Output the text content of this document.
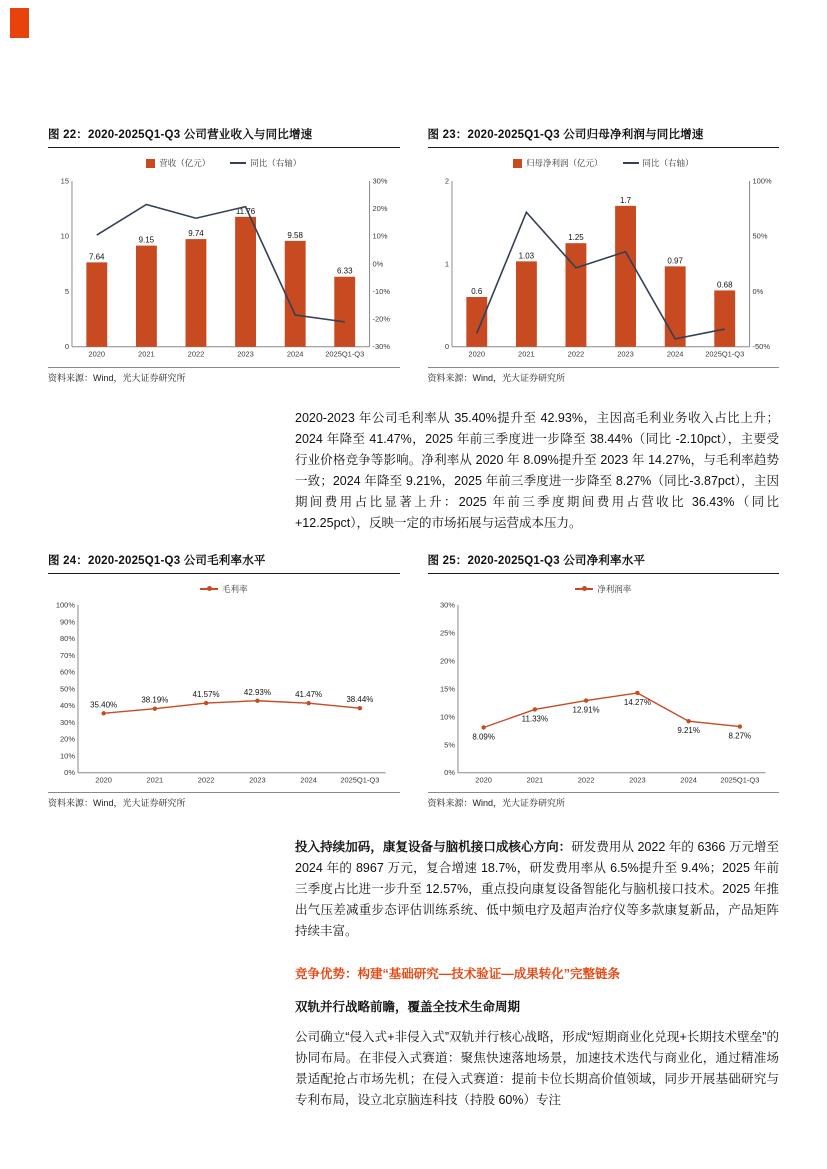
图 22：2020-2025Q1-Q3 公司营业收入与同比增速
营收（亿元）	同比（右轴）
0
5
10
15	30%
20%
10%
0%
-10%
-20%
-30%
2020	2021	2022	2023	2024	2025Q1-Q3
7.64
9.15
9.74
11.76
9.58
6.33
资料来源：Wind，光大证券研究所
图 23：2020-2025Q1-Q3 公司归母净利润与同比增速
归母净利润（亿元）	同比（右轴）
0
1
2	100%
50%
0%
-50%
2020	2021	2022	2023	2024	2025Q1-Q3
0.6
1.03
1.25
1.7
0.97
0.68
资料来源：Wind，光大证券研究所

2020-2023 年公司毛利率从 35.40%提升至 42.93%，主因高毛利业务收入占比上升；2024 年降至 41.47%，2025 年前三季度进一步降至 38.44%（同比 -2.10pct），主要受行业价格竞争等影响。净利率从 2020 年 8.09%提升至 2023 年 14.27%，与毛利率趋势一致；2024 年降至 9.21%，2025 年前三季度进一步降至 8.27%（同比-3.87pct），主因期间费用占比显著上升：2025 年前三季度期间费用占营收比 36.43%（同比+12.25pct），反映一定的市场拓展与运营成本压力。

图 24：2020-2025Q1-Q3 公司毛利率水平
毛利率
0%
10%
20%
30%
40%
50%
60%
70%
80%
90%
100%
2020	2021	2022	2023	2024	2025Q1-Q3
35.40%
38.19%
41.57%	42.93%	41.47%
38.44%
资料来源：Wind，光大证券研究所
图 25：2020-2025Q1-Q3 公司净利率水平
净利润率
0%
5%
10%
15%
20%
25%
30%
2020	2021	2022	2023	2024	2025Q1-Q3
8.09%
11.33%
12.91%
14.27%
9.21%
8.27%
资料来源：Wind，光大证券研究所

投入持续加码，康复设备与脑机接口成核心方向：研发费用从 2022 年的 6366 万元增至 2024 年的 8967 万元，复合增速 18.7%，研发费用率从 6.5%提升至 9.4%；2025 年前三季度占比进一步升至 12.57%，重点投向康复设备智能化与脑机接口技术。2025 年推出气压差减重步态评估训练系统、低中频电疗及超声治疗仪等多款康复新品，产品矩阵持续丰富。

竞争优势：构建“基础研究—技术验证—成果转化”完整链条
双轨并行战略前瞻，覆盖全技术生命周期

公司确立“侵入式+非侵入式”双轨并行核心战略，形成“短期商业化兑现+长期技术壁垒”的协同布局。在非侵入式赛道：聚焦快速落地场景，加速技术迭代与商业化，通过精准场景适配抢占市场先机；在侵入式赛道：提前卡位长期高价值领域，同步开展基础研究与专利布局，设立北京脑连科技（持股 60%）专注
